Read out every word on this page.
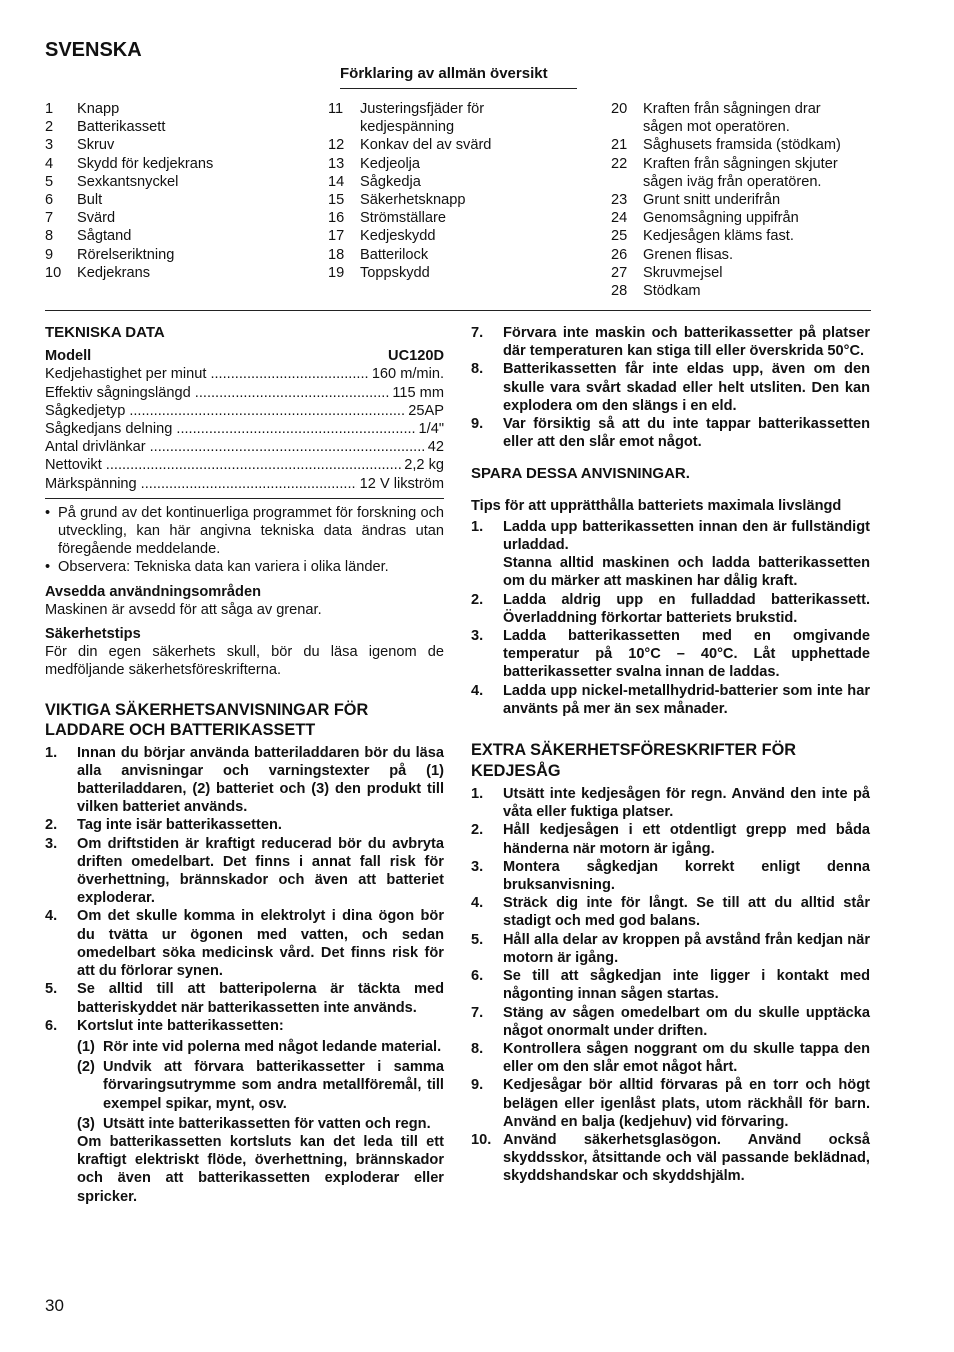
SVENSKA
Förklaring av allmän översikt
1	Knapp
2	Batterikassett
3	Skruv
4	Skydd för kedjekrans
5	Sexkantsnyckel
6	Bult
7	Svärd
8	Sågtand
9	Rörelseriktning
10	Kedjekrans
11	Justeringsfjäder för kedjespänning
12	Konkav del av svärd
13	Kedjeolja
14	Sågkedja
15	Säkerhetsknapp
16	Strömställare
17	Kedjeskydd
18	Batterilock
19	Toppskydd
20	Kraften från sågningen drar sågen mot operatören.
21	Såghusets framsida (stödkam)
22	Kraften från sågningen skjuter sågen iväg från operatören.
23	Grunt snitt underifrån
24	Genomsågning uppifrån
25	Kedjesågen kläms fast.
26	Grenen flisas.
27	Skruvmejsel
28	Stödkam
TEKNISKA DATA
Modell	UC120D
Kedjehastighet per minut .....	160 m/min.
Effektiv sågningslängd .....	115 mm
Sågkedjetyp .....	25AP
Sågkedjans delning .....	1/4"
Antal drivlänkar .....	42
Nettovikt .....	2,2 kg
Märkspänning .....	12 V likström
• På grund av det kontinuerliga programmet för forskning och utveckling, kan här angivna tekniska data ändras utan föregående meddelande.
• Observera: Tekniska data kan variera i olika länder.
Avsedda användningsområden
Maskinen är avsedd för att såga av grenar.
Säkerhetstips
För din egen säkerhets skull, bör du läsa igenom de medföljande säkerhetsföreskrifterna.
VIKTIGA SÄKERHETSANVISNINGAR FÖR LADDARE OCH BATTERIKASSETT
1.	Innan du börjar använda batteriladdaren bör du läsa alla anvisningar och varningstexter på (1) batteriladdaren, (2) batteriet och (3) den produkt till vilken batteriet används.
2.	Tag inte isär batterikassetten.
3.	Om driftstiden är kraftigt reducerad bör du avbryta driften omedelbart. Det finns i annat fall risk för överhettning, brännskador och även att batteriet exploderar.
4.	Om det skulle komma in elektrolyt i dina ögon bör du tvätta ur ögonen med vatten, och sedan omedelbart söka medicinsk vård. Det finns risk för att du förlorar synen.
5.	Se alltid till att batteripolerna är täckta med batteriskyddet när batterikassetten inte används.
6.	Kortslut inte batterikassetten:
(1) Rör inte vid polerna med något ledande material.
(2) Undvik att förvara batterikassetter i samma förvaringsutrymme som andra metallföremål, till exempel spikar, mynt, osv.
(3) Utsätt inte batterikassetten för vatten och regn.
Om batterikassetten kortsluts kan det leda till ett kraftigt elektriskt flöde, överhettning, brännskador och även att batterikassetten exploderar eller spricker.
7.	Förvara inte maskin och batterikassetter på platser där temperaturen kan stiga till eller överskrida 50°C.
8.	Batterikassetten får inte eldas upp, även om den skulle vara svårt skadad eller helt utsliten. Den kan explodera om den slängs i en eld.
9.	Var försiktig så att du inte tappar batterikassetten eller att den slår emot något.
SPARA DESSA ANVISNINGAR.
Tips för att upprätthålla batteriets maximala livslängd
1.	Ladda upp batterikassetten innan den är fullständigt urladdad.
Stanna alltid maskinen och ladda batterikassetten om du märker att maskinen har dålig kraft.
2.	Ladda aldrig upp en fulladdad batterikassett. Överladdning förkortar batteriets brukstid.
3.	Ladda batterikassetten med en omgivande temperatur på 10°C – 40°C. Låt upphettade batterikassetter svalna innan de laddas.
4.	Ladda upp nickel-metallhydrid-batterier som inte har använts på mer än sex månader.
EXTRA SÄKERHETSFÖRESKRIFTER FÖR KEDJESÅG
1.	Utsätt inte kedjesågen för regn. Använd den inte på våta eller fuktiga platser.
2.	Håll kedjesågen i ett otdentligt grepp med båda händerna när motorn är igång.
3.	Montera sågkedjan korrekt enligt denna bruksanvisning.
4.	Sträck dig inte för långt. Se till att du alltid står stadigt och med god balans.
5.	Håll alla delar av kroppen på avstånd från kedjan när motorn är igång.
6.	Se till att sågkedjan inte ligger i kontakt med någonting innan sågen startas.
7.	Stäng av sågen omedelbart om du skulle upptäcka något onormalt under driften.
8.	Kontrollera sågen noggrant om du skulle tappa den eller om den slår emot något hårt.
9.	Kedjesågar bör alltid förvaras på en torr och högt belägen eller igenlåst plats, utom räckhåll för barn. Använd en balja (kedjehuv) vid förvaring.
10. Använd säkerhetsglasögon. Använd också skyddsskor, åtsittande och väl passande beklädnad, skyddshandskar och skyddshjälm.
30
